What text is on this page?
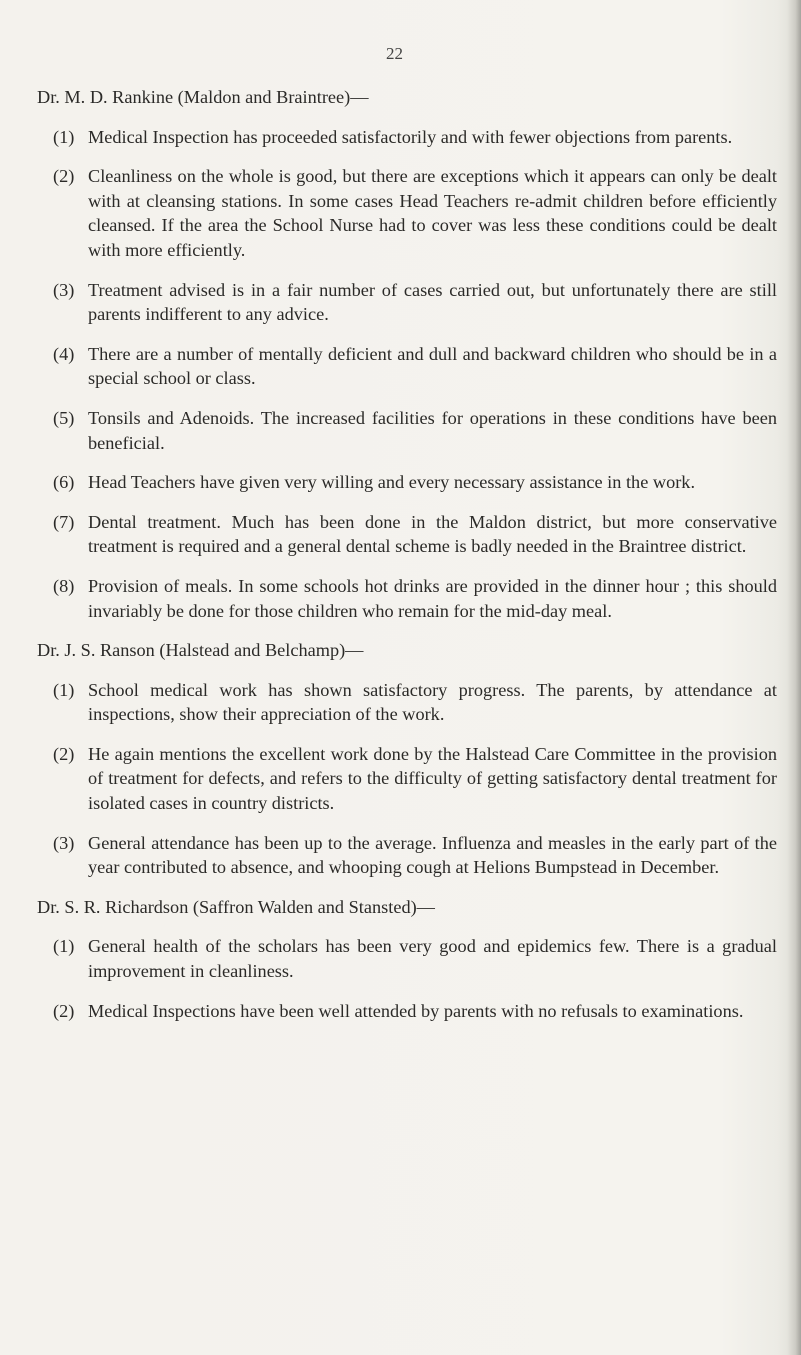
22

Dr. M. D. Rankine (Maldon and Braintree)—

(1) Medical Inspection has proceeded satisfactorily and with fewer objections from parents.
(2) Cleanliness on the whole is good, but there are exceptions which it appears can only be dealt with at cleansing stations. In some cases Head Teachers re-admit children before efficiently cleansed. If the area the School Nurse had to cover was less these conditions could be dealt with more efficiently.
(3) Treatment advised is in a fair number of cases carried out, but unfortunately there are still parents indifferent to any advice.
(4) There are a number of mentally deficient and dull and backward children who should be in a special school or class.
(5) Tonsils and Adenoids. The increased facilities for operations in these conditions have been beneficial.
(6) Head Teachers have given very willing and every necessary assistance in the work.
(7) Dental treatment. Much has been done in the Maldon district, but more conservative treatment is required and a general dental scheme is badly needed in the Braintree district.
(8) Provision of meals. In some schools hot drinks are provided in the dinner hour ; this should invariably be done for those children who remain for the mid-day meal.

Dr. J. S. Ranson (Halstead and Belchamp)—

(1) School medical work has shown satisfactory progress. The parents, by attendance at inspections, show their appreciation of the work.
(2) He again mentions the excellent work done by the Halstead Care Committee in the provision of treatment for defects, and refers to the difficulty of getting satisfactory dental treatment for isolated cases in country districts.
(3) General attendance has been up to the average. Influenza and measles in the early part of the year contributed to absence, and whooping cough at Helions Bumpstead in December.

Dr. S. R. Richardson (Saffron Walden and Stansted)—

(1) General health of the scholars has been very good and epidemics few. There is a gradual improvement in cleanliness.
(2) Medical Inspections have been well attended by parents with no refusals to examinations.
